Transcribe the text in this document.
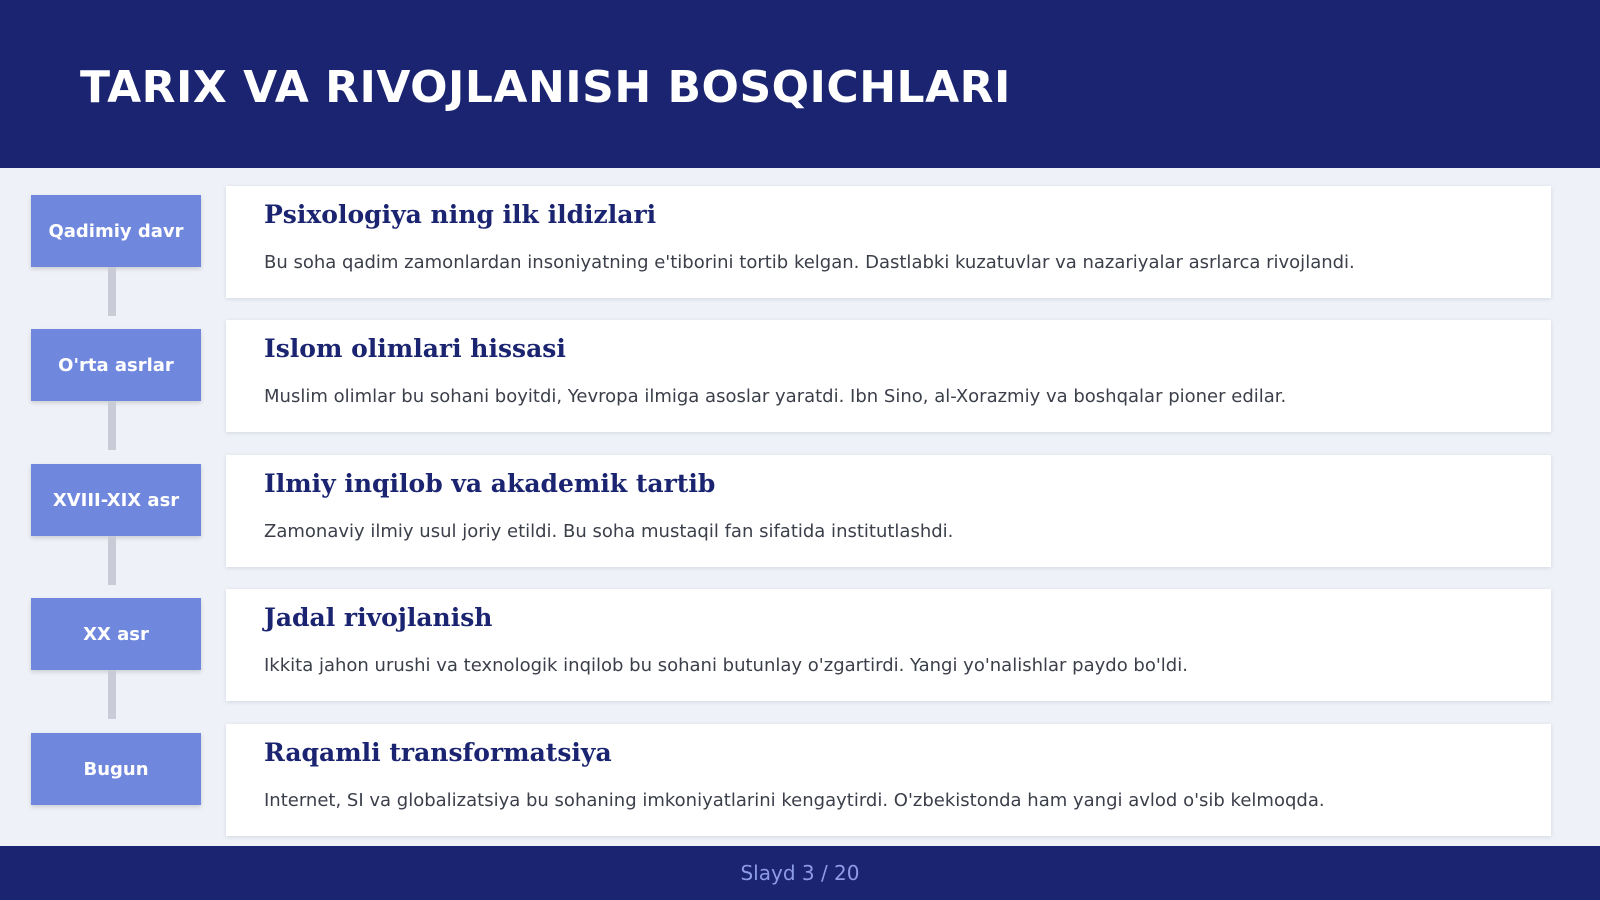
TARIX VA RIVOJLANISH BOSQICHLARI
Qadimiy davr
Psixologiya ning ilk ildizlari

Bu soha qadim zamonlardan insoniyatning e'tiborini tortib kelgan. Dastlabki kuzatuvlar va nazariyalar asrlarca rivojlandi.

O'rta asrlar
Islom olimlari hissasi

Muslim olimlar bu sohani boyitdi, Yevropa ilmiga asoslar yaratdi. Ibn Sino, al-Xorazmiy va boshqalar pioner edilar.

XVIII-XIX asr
Ilmiy inqilob va akademik tartib

Zamonaviy ilmiy usul joriy etildi. Bu soha mustaqil fan sifatida institutlashdi.

XX asr
Jadal rivojlanish

Ikkita jahon urushi va texnologik inqilob bu sohani butunlay o'zgartirdi. Yangi yo'nalishlar paydo bo'ldi.

Bugun
Raqamli transformatsiya

Internet, SI va globalizatsiya bu sohaning imkoniyatlarini kengaytirdi. O'zbekistonda ham yangi avlod o'sib kelmoqda.

Slayd 3 / 20
